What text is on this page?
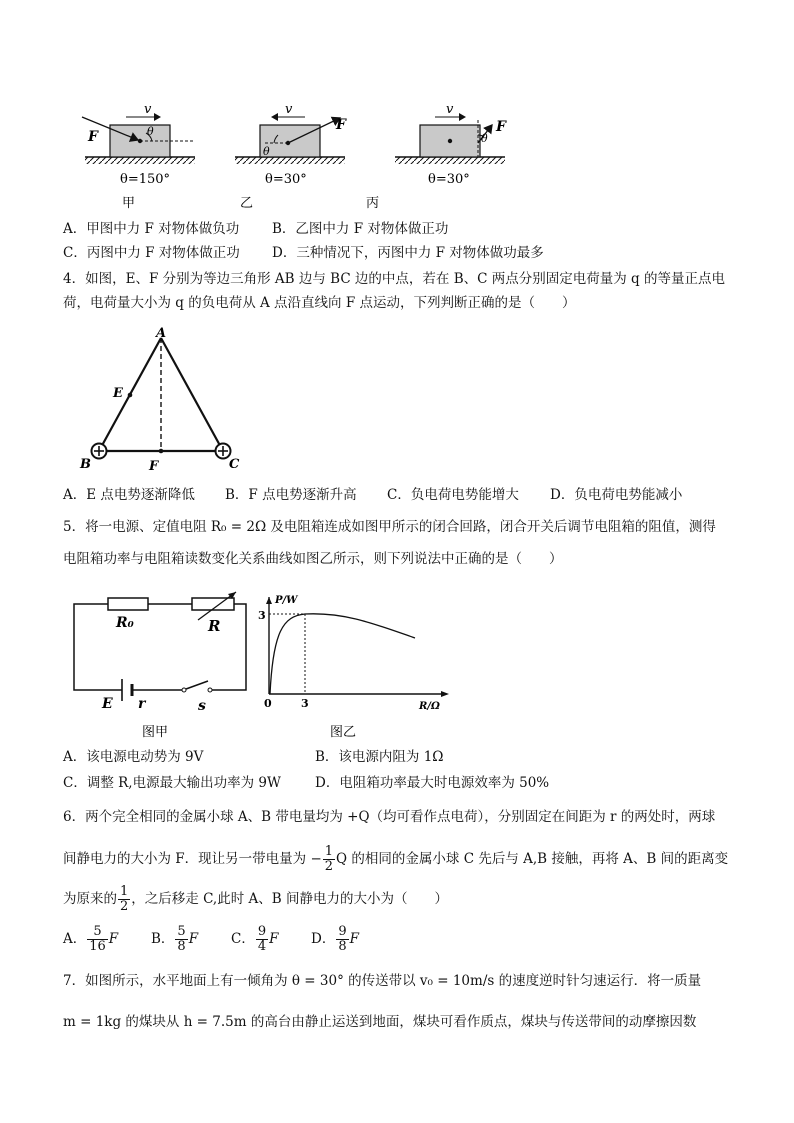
v
θ
F
θ=150°
甲
v
θ
F
θ=30°
乙
v
θ
F
θ=30°
丙
A．甲图中力 F 对物体做负功 B．乙图中力 F 对物体做正功
C．丙图中力 F 对物体做正功 D．三种情况下，丙图中力 F 对物体做功最多
4．如图，E、F 分别为等边三角形 AB 边与 BC 边的中点，若在 B、C 两点分别固定电荷量为 q 的等量正点电
荷，电荷量大小为 q 的负电荷从 A 点沿直线向 F 点运动，下列判断正确的是（　　）
A
E
B	F	C
A．E 点电势逐渐降低 B．F 点电势逐渐升高 C．负电荷电势能增大 D．负电荷电势能减小
5．将一电源、定值电阻 R₀ = 2Ω 及电阻箱连成如图甲所示的闭合回路，闭合开关后调节电阻箱的阻值，测得
电阻箱功率与电阻箱读数变化关系曲线如图乙所示，则下列说法中正确的是（　　）
R₀	R
E r	s
图甲
P/W
3
0	3	R/Ω
图乙
A．该电源电动势为 9V	B．该电源内阻为 1Ω
C．调整 R,电源最大输出功率为 9W	D．电阻箱功率最大时电源效率为 50%
6．两个完全相同的金属小球 A、B 带电量均为 +Q（均可看作点电荷），分别固定在间距为 r 的两处时，两球
间静电力的大小为 F．现让另一带电量为 − $\frac{1}{2}$ Q 的相同的金属小球 C 先后与 A,B 接触，再将 A、B 间的距离变
为原来的 $\frac{1}{2}$ ，之后移走 C,此时 A、B 间静电力的大小为（　　）
A． $\frac{5}{16}$ F B． $\frac{5}{8}$ F C． $\frac{9}{4}$ F D． $\frac{9}{8}$ F
7．如图所示，水平地面上有一倾角为 θ = 30° 的传送带以 v₀ = 10m/s 的速度逆时针匀速运行．将一质量
m = 1kg 的煤块从 h = 7.5m 的高台由静止运送到地面，煤块可看作质点，煤块与传送带间的动摩擦因数
